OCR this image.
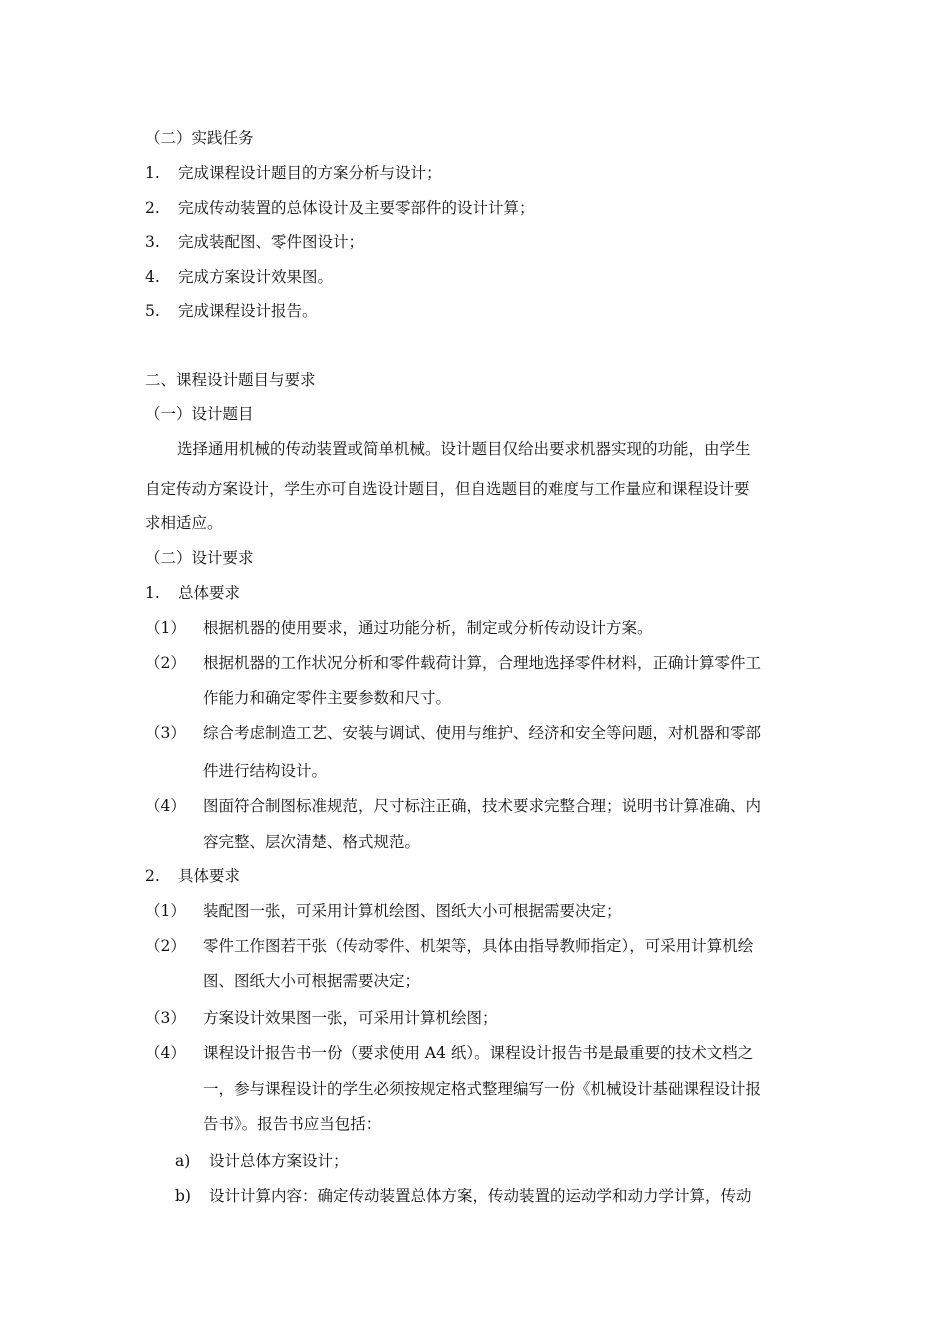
（二）实践任务
1. 完成课程设计题目的方案分析与设计；
2. 完成传动装置的总体设计及主要零部件的设计计算；
3. 完成装配图、零件图设计；
4. 完成方案设计效果图。
5. 完成课程设计报告。
二、课程设计题目与要求
（一）设计题目
选择通用机械的传动装置或简单机械。设计题目仅给出要求机器实现的功能，由学生
自定传动方案设计，学生亦可自选设计题目，但自选题目的难度与工作量应和课程设计要
求相适应。
（二）设计要求
1. 总体要求
（1） 根据机器的使用要求，通过功能分析，制定或分析传动设计方案。
（2） 根据机器的工作状况分析和零件载荷计算，合理地选择零件材料，正确计算零件工
作能力和确定零件主要参数和尺寸。
（3） 综合考虑制造工艺、安装与调试、使用与维护、经济和安全等问题，对机器和零部
件进行结构设计。
（4） 图面符合制图标准规范，尺寸标注正确，技术要求完整合理；说明书计算准确、内
容完整、层次清楚、格式规范。
2. 具体要求
（1） 装配图一张，可采用计算机绘图、图纸大小可根据需要决定；
（2） 零件工作图若干张（传动零件、机架等，具体由指导教师指定），可采用计算机绘
图、图纸大小可根据需要决定；
（3） 方案设计效果图一张，可采用计算机绘图；
（4） 课程设计报告书一份（要求使用 A4 纸）。课程设计报告书是最重要的技术文档之
一，参与课程设计的学生必须按规定格式整理编写一份《机械设计基础课程设计报
告书》。报告书应当包括：
a) 设计总体方案设计；
b) 设计计算内容：确定传动装置总体方案，传动装置的运动学和动力学计算，传动
